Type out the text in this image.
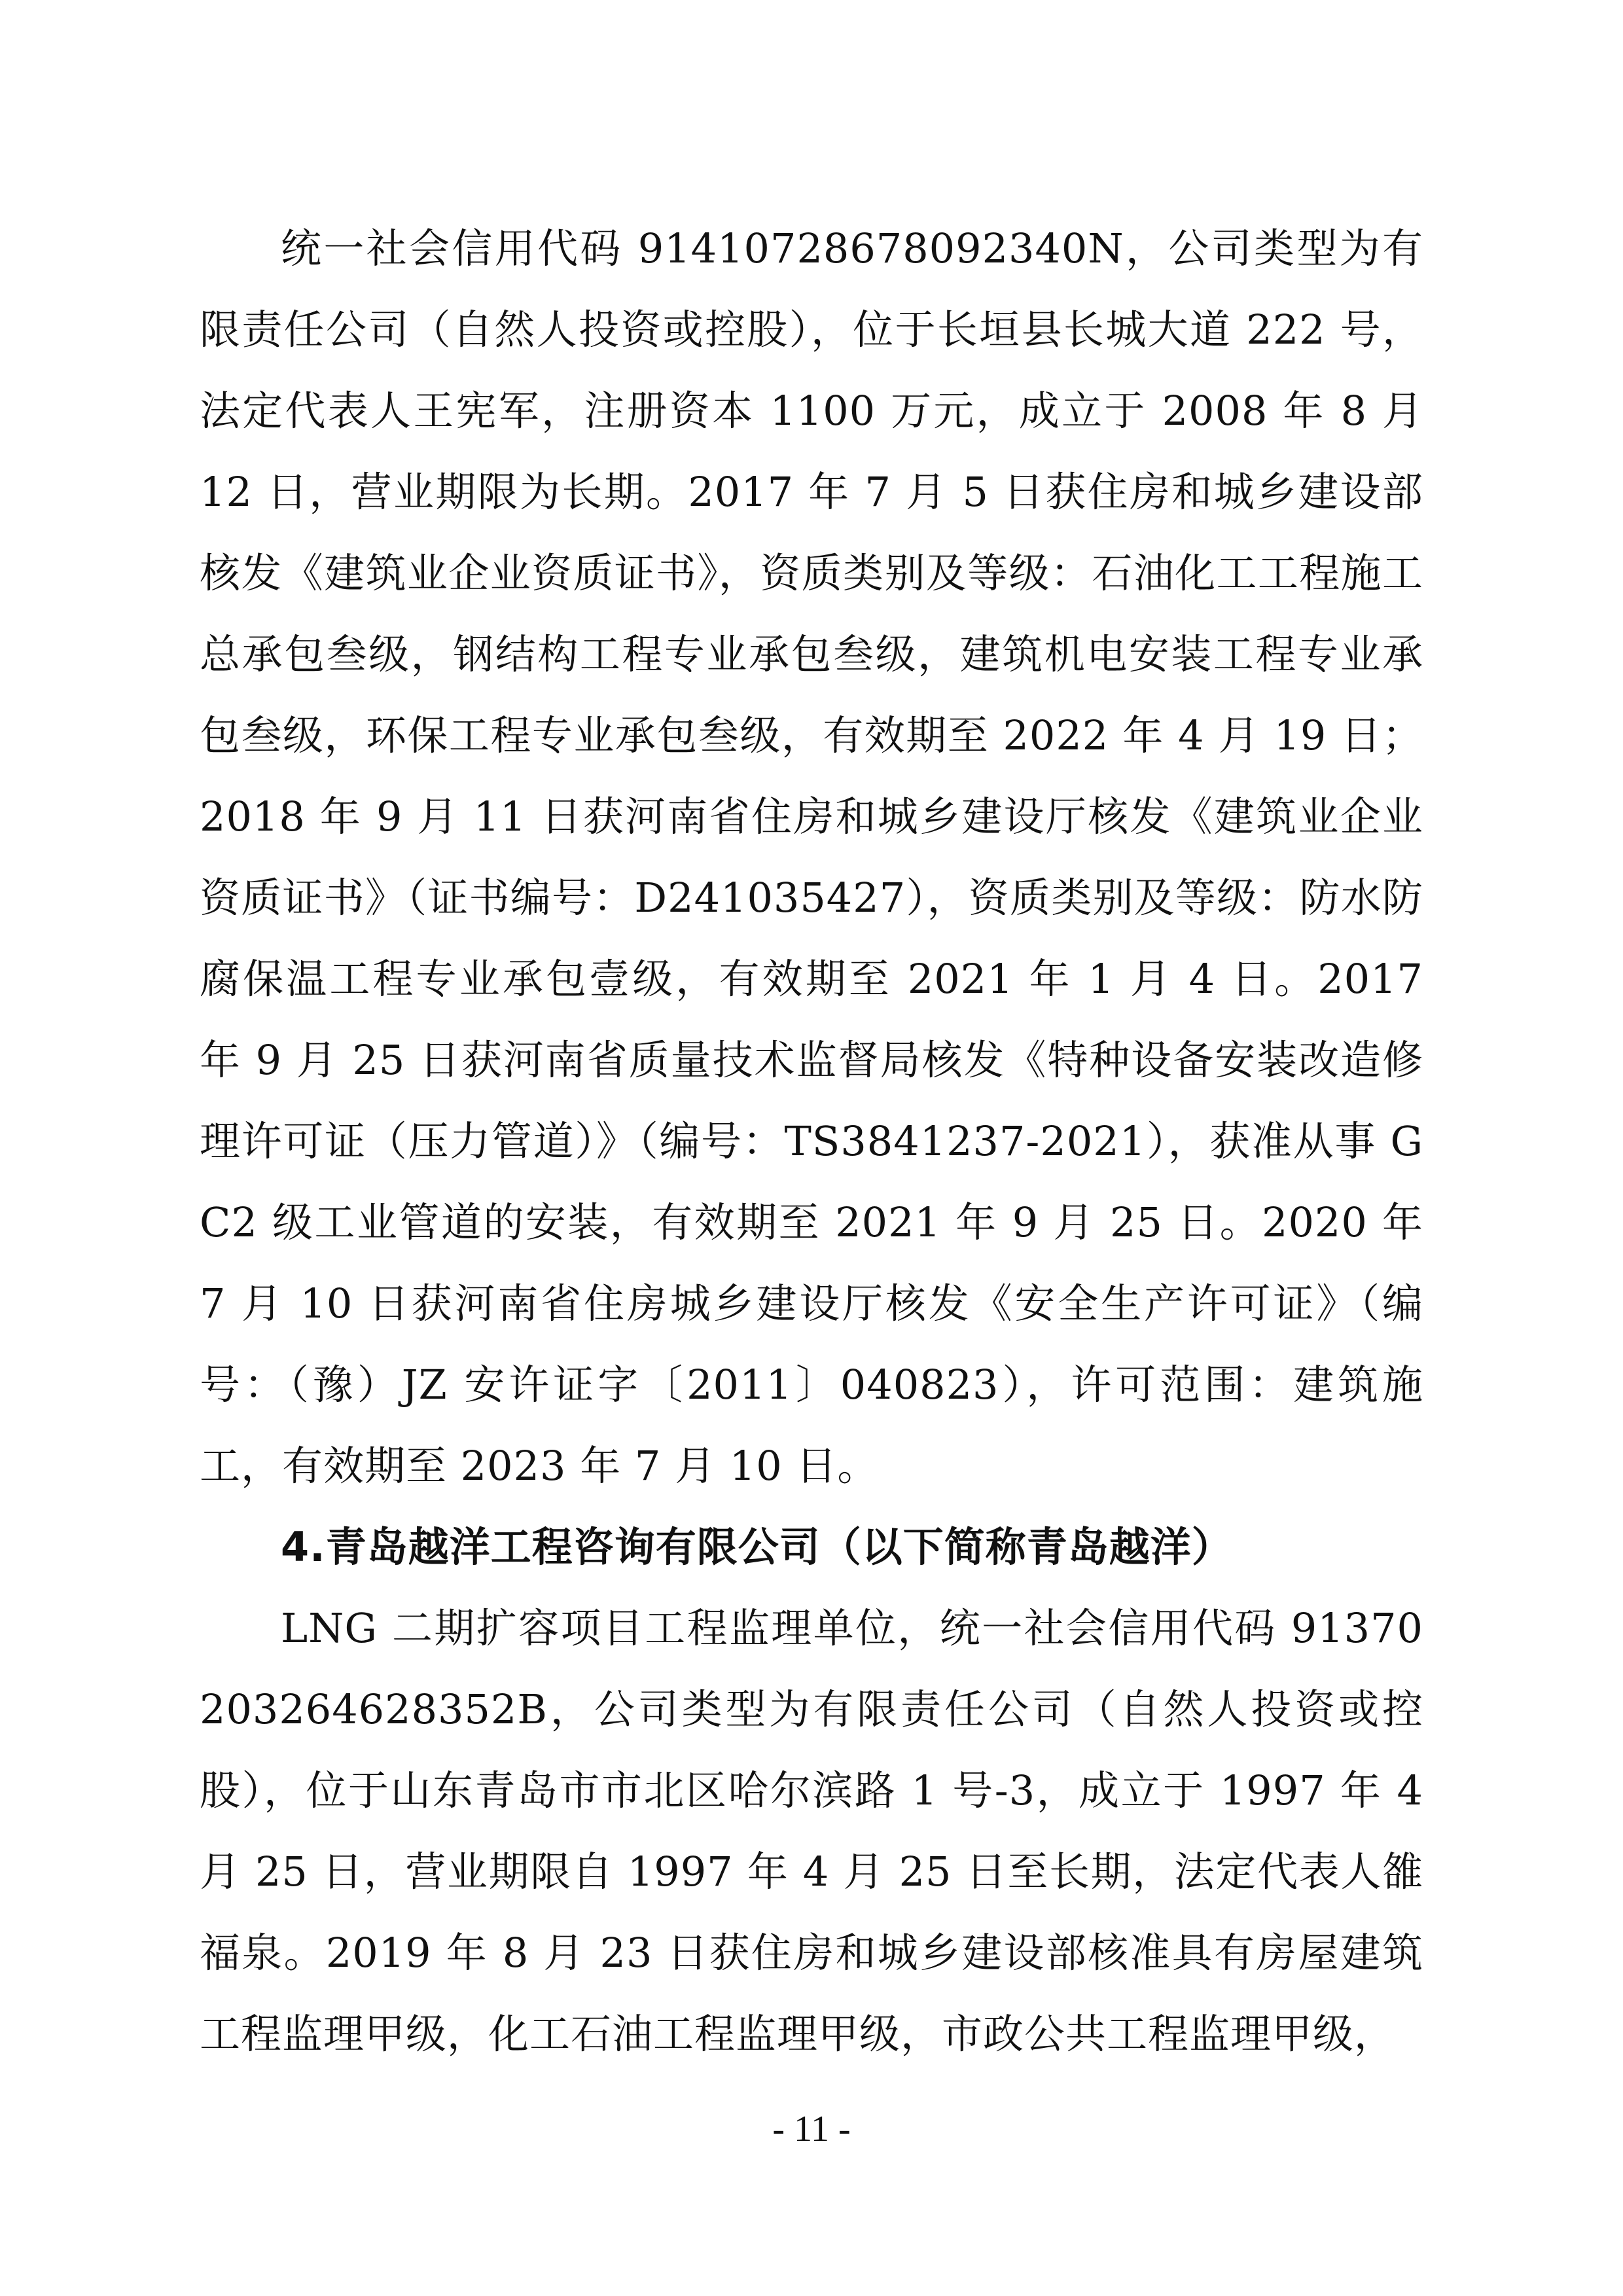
统一社会信用代码 91410728678092340N，公司类型为有限责任公司（自然人投资或控股），位于长垣县长城大道 222 号，法定代表人王宪军，注册资本 1100 万元，成立于 2008 年 8 月 12 日，营业期限为长期。2017 年 7 月 5 日获住房和城乡建设部核发《建筑业企业资质证书》，资质类别及等级：石油化工工程施工总承包叁级，钢结构工程专业承包叁级，建筑机电安装工程专业承包叁级，环保工程专业承包叁级，有效期至 2022 年 4 月 19 日；2018 年 9 月 11 日获河南省住房和城乡建设厅核发《建筑业企业资质证书》（证书编号：D241035427），资质类别及等级：防水防腐保温工程专业承包壹级，有效期至 2021 年 1 月 4 日。2017 年 9 月 25 日获河南省质量技术监督局核发《特种设备安装改造修理许可证（压力管道）》（编号：TS3841237-2021），获准从事 GC2 级工业管道的安装，有效期至 2021 年 9 月 25 日。2020 年 7 月 10 日获河南省住房城乡建设厅核发《安全生产许可证》（编号：（豫）JZ 安许证字〔2011〕040823），许可范围：建筑施工，有效期至 2023 年 7 月 10 日。

4.青岛越洋工程咨询有限公司（以下简称青岛越洋）

LNG 二期扩容项目工程监理单位，统一社会信用代码 91370203264628352B，公司类型为有限责任公司（自然人投资或控股），位于山东青岛市市北区哈尔滨路 1 号-3，成立于 1997 年 4 月 25 日，营业期限自 1997 年 4 月 25 日至长期，法定代表人雒福泉。2019 年 8 月 23 日获住房和城乡建设部核准具有房屋建筑工程监理甲级，化工石油工程监理甲级，市政公共工程监理甲级，

- 11 -
